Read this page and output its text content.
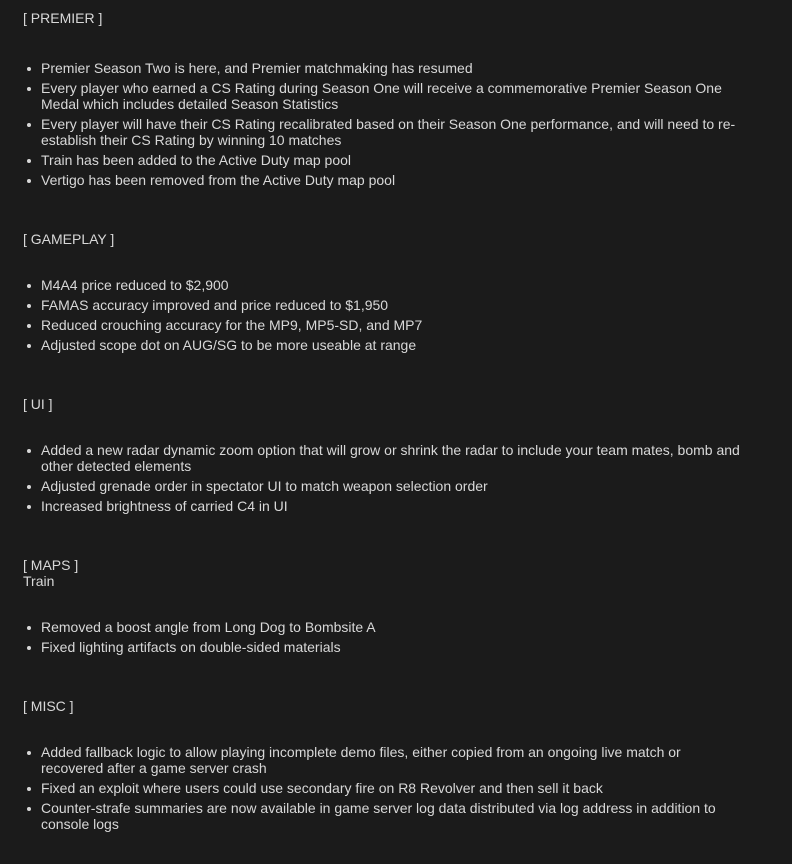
[ PREMIER ]
Premier Season Two is here, and Premier matchmaking has resumed
Every player who earned a CS Rating during Season One will receive a commemorative Premier Season One Medal which includes detailed Season Statistics
Every player will have their CS Rating recalibrated based on their Season One performance, and will need to re-establish their CS Rating by winning 10 matches
Train has been added to the Active Duty map pool
Vertigo has been removed from the Active Duty map pool
[ GAMEPLAY ]
M4A4 price reduced to $2,900
FAMAS accuracy improved and price reduced to $1,950
Reduced crouching accuracy for the MP9, MP5-SD, and MP7
Adjusted scope dot on AUG/SG to be more useable at range
[ UI ]
Added a new radar dynamic zoom option that will grow or shrink the radar to include your team mates, bomb and other detected elements
Adjusted grenade order in spectator UI to match weapon selection order
Increased brightness of carried C4 in UI
[ MAPS ]
Train
Removed a boost angle from Long Dog to Bombsite A
Fixed lighting artifacts on double-sided materials
[ MISC ]
Added fallback logic to allow playing incomplete demo files, either copied from an ongoing live match or recovered after a game server crash
Fixed an exploit where users could use secondary fire on R8 Revolver and then sell it back
Counter-strafe summaries are now available in game server log data distributed via log address in addition to console logs
